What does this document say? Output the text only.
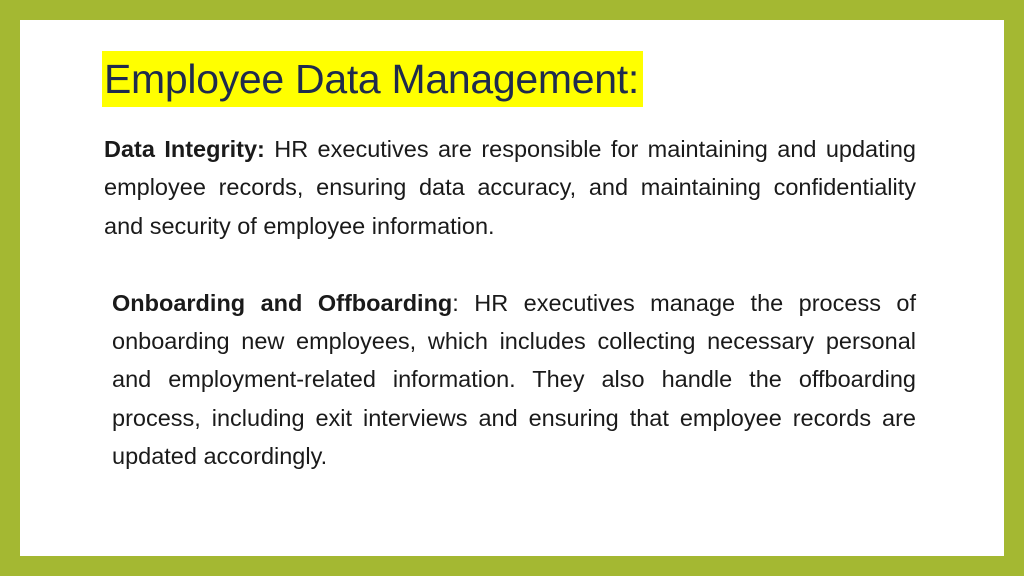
Employee Data Management:

Data Integrity: HR executives are responsible for maintaining and updating employee records, ensuring data accuracy, and maintaining confidentiality and security of employee information.

Onboarding and Offboarding: HR executives manage the process of onboarding new employees, which includes collecting necessary personal and employment-related information. They also handle the offboarding process, including exit interviews and ensuring that employee records are updated accordingly.
